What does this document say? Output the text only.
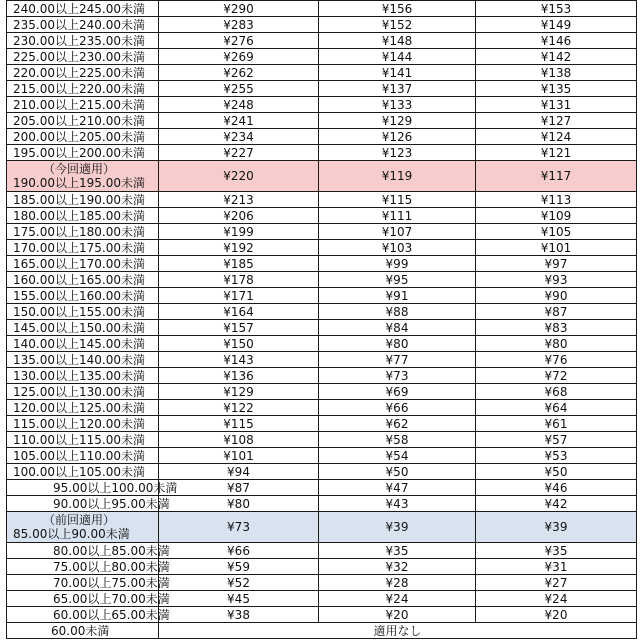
240.00以上245.00未満	¥290	¥156	¥153
235.00以上240.00未満	¥283	¥152	¥149
230.00以上235.00未満	¥276	¥148	¥146
225.00以上230.00未満	¥269	¥144	¥142
220.00以上225.00未満	¥262	¥141	¥138
215.00以上220.00未満	¥255	¥137	¥135
210.00以上215.00未満	¥248	¥133	¥131
205.00以上210.00未満	¥241	¥129	¥127
200.00以上205.00未満	¥234	¥126	¥124
195.00以上200.00未満	¥227	¥123	¥121

（今回適用）
190.00以上195.00未満	¥220	¥119	¥117
185.00以上190.00未満	¥213	¥115	¥113
180.00以上185.00未満	¥206	¥111	¥109
175.00以上180.00未満	¥199	¥107	¥105
170.00以上175.00未満	¥192	¥103	¥101
165.00以上170.00未満	¥185	¥99	¥97
160.00以上165.00未満	¥178	¥95	¥93
155.00以上160.00未満	¥171	¥91	¥90
150.00以上155.00未満	¥164	¥88	¥87
145.00以上150.00未満	¥157	¥84	¥83
140.00以上145.00未満	¥150	¥80	¥80
135.00以上140.00未満	¥143	¥77	¥76
130.00以上135.00未満	¥136	¥73	¥72
125.00以上130.00未満	¥129	¥69	¥68
120.00以上125.00未満	¥122	¥66	¥64
115.00以上120.00未満	¥115	¥62	¥61
110.00以上115.00未満	¥108	¥58	¥57
105.00以上110.00未満	¥101	¥54	¥53
100.00以上105.00未満	¥94	¥50	¥50
95.00以上100.00未満	¥87	¥47	¥46
90.00以上95.00未満	¥80	¥43	¥42

（前回適用）
85.00以上90.00未満	¥73	¥39	¥39
80.00以上85.00未満	¥66	¥35	¥35
75.00以上80.00未満	¥59	¥32	¥31
70.00以上75.00未満	¥52	¥28	¥27
65.00以上70.00未満	¥45	¥24	¥24
60.00以上65.00未満	¥38	¥20	¥20
60.00未満	適用なし		
